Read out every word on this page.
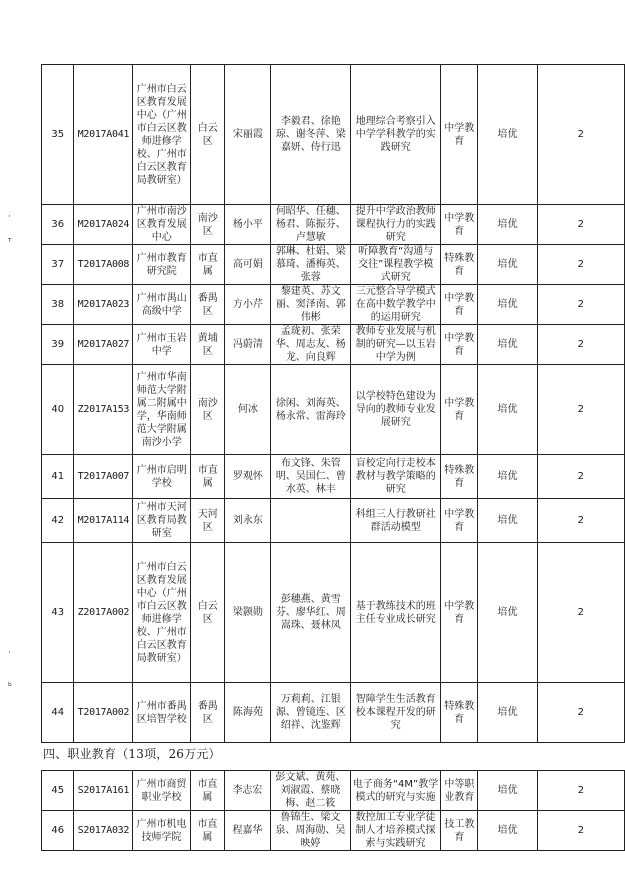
35	M2017A041	广州市白云区教育发展中心（广州市白云区教师进修学校、广州市白云区教育局教研室）	白云区	宋丽霞	李毅君、徐艳琼、谢冬萍、梁嘉妍、侍行迅	地理综合考察引入中学学科教学的实践研究	中学教育	培优	2
36	M2017A024	广州市南沙区教育发展中心	南沙区	杨小平	何昭华、任穗、杨君、陈振芬、卢慧敏	提升中学政治教师课程执行力的实践研究	中学教育	培优	2
37	T2017A008	广州市教育研究院	市直属	高可娟	郭琳、杜娟、梁慕琦、潘梅英、张蓉	听障教育“沟通与交往”课程教学模式研究	特殊教育	培优	2
38	M2017A023	广州市禺山高级中学	番禺区	方小芹	黎建英、苏文丽、窦泽南、郭伟彬	三元整合导学模式在高中数学教学中的运用研究	中学教育	培优	2
39	M2017A027	广州市玉岩中学	黄埔区	冯蔚清	孟珑初、张荣华、周志友、杨龙、向良辉	教师专业发展与机制的研究—以玉岩中学为例	中学教育	培优	2
40	Z2017A153	广州市华南师范大学附属二附属中学，华南师范大学附属南沙小学	南沙区	何冰	徐闲、刘海英、杨永常、雷海玲	以学校特色建设为导向的教师专业发展研究	中学教育	培优	2
41	T2017A007	广州市启明学校	市直属	罗观怀	布文锋、朱管明、吴国仁、曾水英、林丰	盲校定向行走校本教材与教学策略的研究	特殊教育	培优	2
42	M2017A114	广州市天河区教育局教研室	天河区	刘永东		科组三人行教研社群活动模型	中学教育	培优	2
43	Z2017A002	广州市白云区教育发展中心（广州市白云区教师进修学校、广州市白云区教育局教研室）	白云区	梁颢勋	彭穗燕、黄雪芬、廖华红、周嵩珠、聂林凤	基于教练技术的班主任专业成长研究	中学教育	培优	2
44	T2017A002	广州市番禺区培智学校	番禺区	陈海苑	万莉莉、江银源、曾镜连、区绍祥、沈鉴辉	智障学生生活教育校本课程开发的研究	特殊教育	培优	2
四、职业教育（13项，26万元）
45	S2017A161	广州市商贸职业学校	市直属	李志宏	彭文斌、黄苑、刘淑霞、蔡晓梅、赵二筱	电子商务“4M”教学模式的研究与实施	中等职业教育	培优	2
46	S2017A032	广州市机电技师学院	市直属	程嘉华	鲁锦生、梁文泉、周海勋、吴映婷	数控加工专业学徒制人才培养模式探索与实践研究	技工教育	培优	2
·
ᵀ
·
ᵇ
